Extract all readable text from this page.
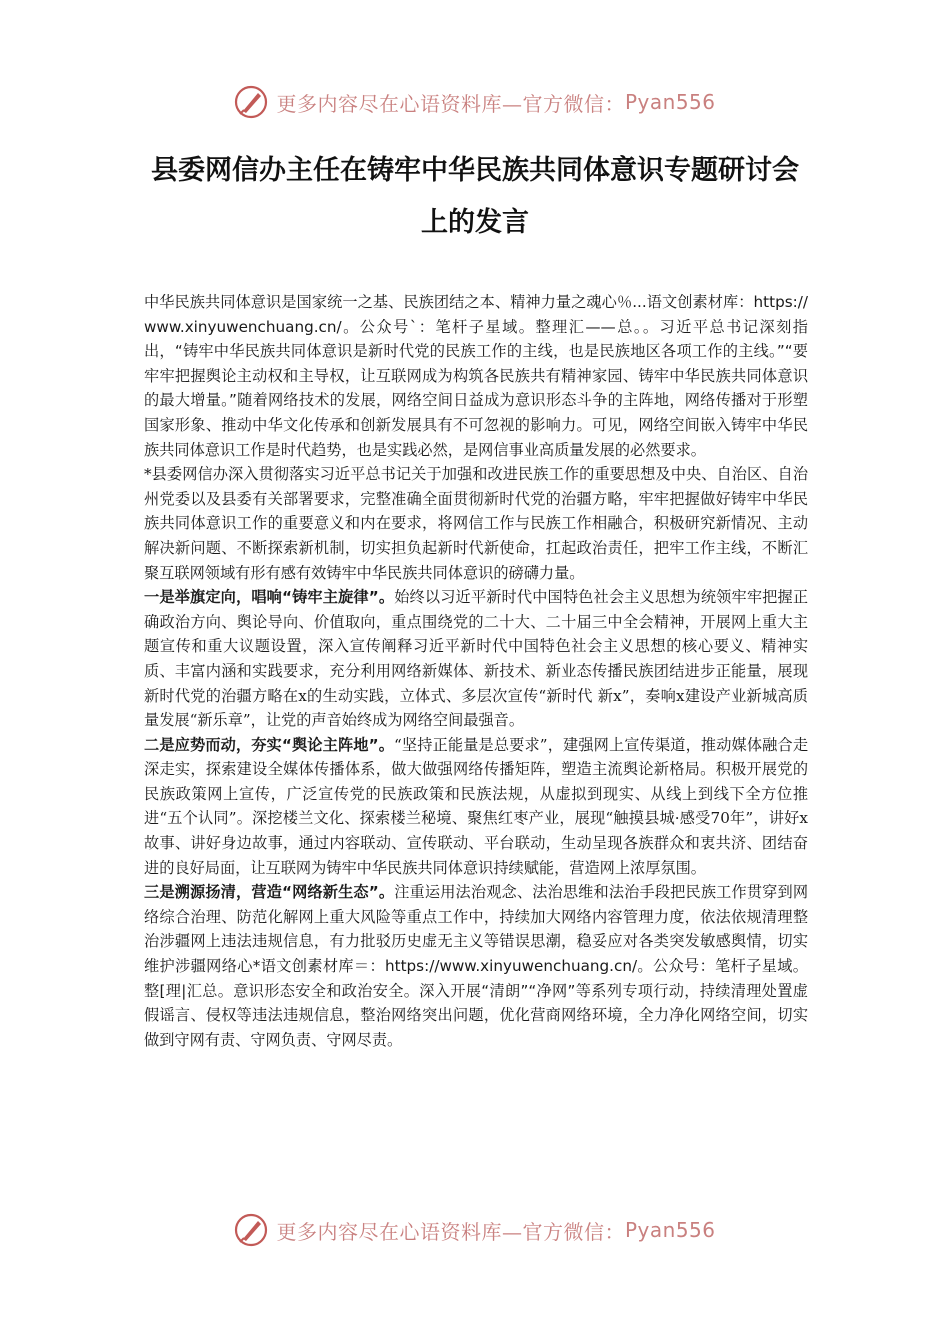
更多内容尽在心语资料库—官方微信： Pyan556
县委网信办主任在铸牢中华民族共同体意识专题研讨会上的发言

中华民族共同体意识是国家统一之基、民族团结之本、精神力量之魂心％...语文创素材库：https://www.xinyuwenchuang.cn/。公众号`：笔杆子星域。整理汇——总。。习近平总书记深刻指出，“铸牢中华民族共同体意识是新时代党的民族工作的主线，也是民族地区各项工作的主线。”“要牢牢把握舆论主动权和主导权，让互联网成为构筑各民族共有精神家园、铸牢中华民族共同体意识的最大增量。”随着网络技术的发展，网络空间日益成为意识形态斗争的主阵地，网络传播对于形塑国家形象、推动中华文化传承和创新发展具有不可忽视的影响力。可见，网络空间嵌入铸牢中华民族共同体意识工作是时代趋势，也是实践必然，是网信事业高质量发展的必然要求。

*县委网信办深入贯彻落实习近平总书记关于加强和改进民族工作的重要思想及中央、自治区、自治州党委以及县委有关部署要求，完整准确全面贯彻新时代党的治疆方略，牢牢把握做好铸牢中华民族共同体意识工作的重要意义和内在要求，将网信工作与民族工作相融合，积极研究新情况、主动解决新问题、不断探索新机制，切实担负起新时代新使命，扛起政治责任，把牢工作主线，不断汇聚互联网领域有形有感有效铸牢中华民族共同体意识的磅礴力量。

一是举旗定向，唱响“铸牢主旋律”。始终以习近平新时代中国特色社会主义思想为统领牢牢把握正确政治方向、舆论导向、价值取向，重点围绕党的二十大、二十届三中全会精神，开展网上重大主题宣传和重大议题设置，深入宣传阐释习近平新时代中国特色社会主义思想的核心要义、精神实质、丰富内涵和实践要求，充分利用网络新媒体、新技术、新业态传播民族团结进步正能量，展现新时代党的治疆方略在x的生动实践，立体式、多层次宣传“新时代 新x”，奏响x建设产业新城高质量发展“新乐章”，让党的声音始终成为网络空间最强音。

二是应势而动，夯实“舆论主阵地”。“坚持正能量是总要求”，建强网上宣传渠道，推动媒体融合走深走实，探索建设全媒体传播体系，做大做强网络传播矩阵，塑造主流舆论新格局。积极开展党的民族政策网上宣传，广泛宣传党的民族政策和民族法规，从虚拟到现实、从线上到线下全方位推进“五个认同”。深挖楼兰文化、探索楼兰秘境、聚焦红枣产业，展现“触摸县城·感受70年”，讲好x故事、讲好身边故事，通过内容联动、宣传联动、平台联动，生动呈现各族群众和衷共济、团结奋进的良好局面，让互联网为铸牢中华民族共同体意识持续赋能，营造网上浓厚氛围。

三是溯源扬清，营造“网络新生态”。注重运用法治观念、法治思维和法治手段把民族工作贯穿到网络综合治理、防范化解网上重大风险等重点工作中，持续加大网络内容管理力度，依法依规清理整治涉疆网上违法违规信息，有力批驳历史虚无主义等错误思潮，稳妥应对各类突发敏感舆情，切实维护涉疆网络心*语文创素材库＝：https://www.xinyuwenchuang.cn/。公众号：笔杆子星域。整[理|汇总。意识形态安全和政治安全。深入开展“清朗”“净网”等系列专项行动，持续清理处置虚假谣言、侵权等违法违规信息，整治网络突出问题，优化营商网络环境，全力净化网络空间，切实做到守网有责、守网负责、守网尽责。

更多内容尽在心语资料库—官方微信： Pyan556
